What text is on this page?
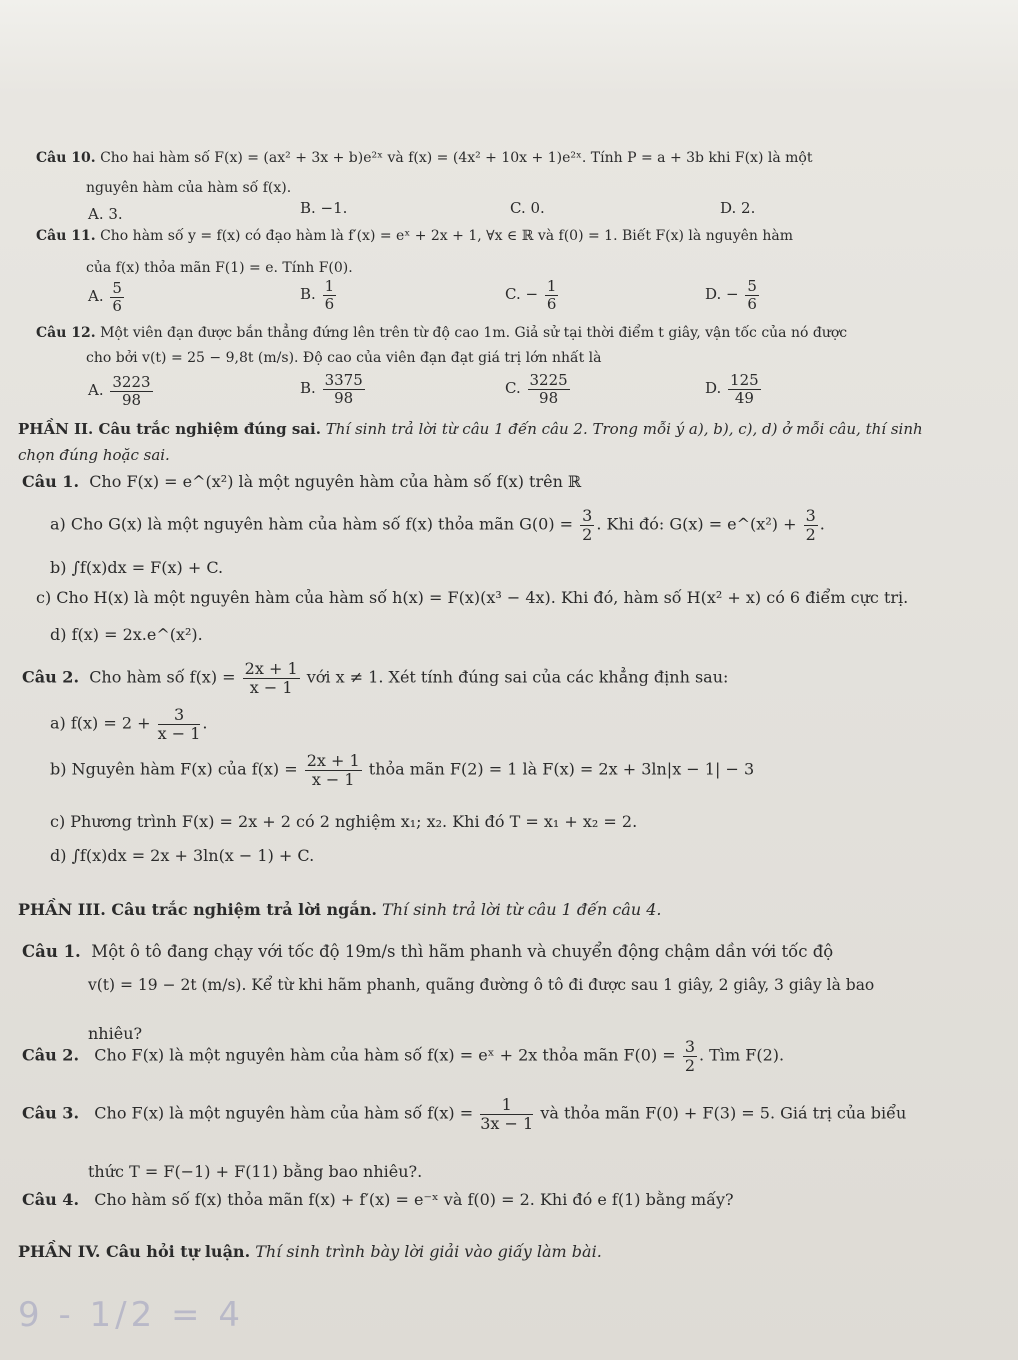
Câu 10. Cho hai hàm số F(x) = (ax² + 3x + b)e²ˣ và f(x) = (4x² + 10x + 1)e²ˣ. Tính P = a + 3b khi F(x) là một
nguyên hàm của hàm số f(x).
A. 3.	B. −1.	C. 0.	D. 2.
Câu 11. Cho hàm số y = f(x) có đạo hàm là f′(x) = eˣ + 2x + 1, ∀x ∈ ℝ và f(0) = 1. Biết F(x) là nguyên hàm
của f(x) thỏa mãn F(1) = e. Tính F(0).
A. $\frac{5}{6}$	B. $\frac{1}{6}$	C. − $\frac{1}{6}$	D. − $\frac{5}{6}$
Câu 12. Một viên đạn được bắn thẳng đứng lên trên từ độ cao 1m. Giả sử tại thời điểm t giây, vận tốc của nó được
cho bởi v(t) = 25 − 9,8t (m/s). Độ cao của viên đạn đạt giá trị lớn nhất là
A. $\frac{3223}{98}$	B. $\frac{3375}{98}$	C. $\frac{3225}{98}$	D. $\frac{125}{49}$
PHẦN II. Câu trắc nghiệm đúng sai. Thí sinh trả lời từ câu 1 đến câu 2. Trong mỗi ý a), b), c), d) ở mỗi câu, thí sinh
chọn đúng hoặc sai.
Câu 1. Cho F(x) = e^(x²) là một nguyên hàm của hàm số f(x) trên ℝ
a) Cho G(x) là một nguyên hàm của hàm số f(x) thỏa mãn $G(0) = \frac{3}{2}$ . Khi đó: G(x) = e^(x²) + $\frac{3}{2}$ .
b) ∫f(x)dx = F(x) + C.
c) Cho H(x) là một nguyên hàm của hàm số h(x) = F(x)(x³ − 4x). Khi đó, hàm số H(x² + x) có 6 điểm cực trị.
d) f(x) = 2x.e^(x²).
Câu 2. Cho hàm số $f(x) = \frac{2x + 1}{x - 1}$ với x ≠ 1. Xét tính đúng sai của các khẳng định sau:
a) $f(x) = 2 + \frac{3}{x - 1}$ .
b) Nguyên hàm F(x) của $f(x) = \frac{2x + 1}{x - 1}$ thỏa mãn F(2) = 1 là F(x) = 2x + 3ln|x − 1| − 3
c) Phương trình F(x) = 2x + 2 có 2 nghiệm x₁; x₂. Khi đó T = x₁ + x₂ = 2.
d) ∫f(x)dx = 2x + 3ln(x − 1) + C.
PHẦN III. Câu trắc nghiệm trả lời ngắn. Thí sinh trả lời từ câu 1 đến câu 4.
Câu 1. Một ô tô đang chạy với tốc độ 19m/s thì hãm phanh và chuyển động chậm dần với tốc độ
v(t) = 19 − 2t (m/s). Kể từ khi hãm phanh, quãng đường ô tô đi được sau 1 giây, 2 giây, 3 giây là bao
nhiêu?
Câu 2. Cho F(x) là một nguyên hàm của hàm số f(x) = eˣ + 2x thỏa mãn $F(0) = \frac{3}{2}$ . Tìm F(2).
Câu 3. Cho F(x) là một nguyên hàm của hàm số $f(x) = \frac{1}{3x - 1}$ và thỏa mãn F(0) + F(3) = 5. Giá trị của biểu
thức T = F(−1) + F(11) bằng bao nhiêu?.
Câu 4. Cho hàm số f(x) thỏa mãn f(x) + f′(x) = e⁻ˣ và f(0) = 2. Khi đó e f(1) bằng mấy?
PHẦN IV. Câu hỏi tự luận. Thí sinh trình bày lời giải vào giấy làm bài.
9 - 1/2 = 4
